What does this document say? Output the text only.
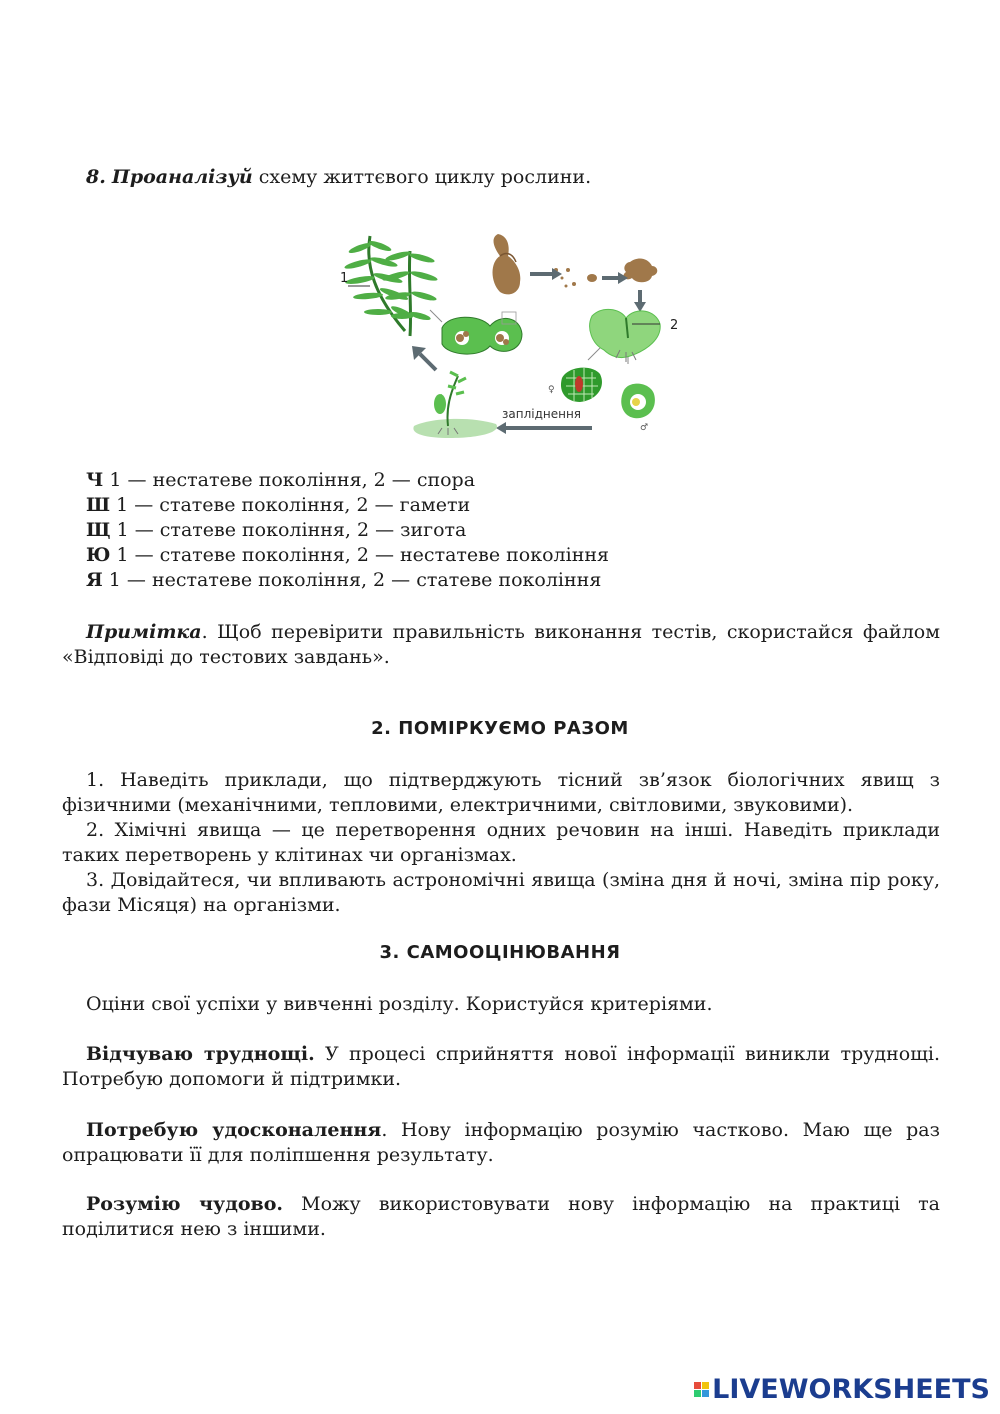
8. Проаналізуй схему життєвого циклу рослини.
1
2
♀
♂
запліднення
Ч 1 — нестатеве покоління, 2 — спора
Ш 1 — статеве покоління, 2 — гамети
Щ 1 — статеве покоління, 2 — зигота
Ю 1 — статеве покоління, 2 — нестатеве покоління
Я 1 — нестатеве покоління, 2 — статеве покоління
Примітка. Щоб перевірити правильність виконання тестів, скористайся файлом «Відповіді до тестових завдань».
2. ПОМІРКУЄМО РАЗОМ
1. Наведіть приклади, що підтверджують тісний зв’язок біологічних явищ з фізичними (механічними, тепловими, електричними, світловими, звуковими).
2. Хімічні явища — це перетворення одних речовин на інші. Наведіть приклади таких перетворень у клітинах чи організмах.
3. Довідайтеся, чи впливають астрономічні явища (зміна дня й ночі, зміна пір року, фази Місяця) на організми.
3. САМООЦІНЮВАННЯ
Оціни свої успіхи у вивченні розділу. Користуйся критеріями.
Відчуваю труднощі. У процесі сприйняття нової інформації виникли труднощі. Потребую допомоги й підтримки.
Потребую удосконалення. Нову інформацію розумію частково. Маю ще раз опрацювати її для поліпшення результату.
Розумію чудово. Можу використовувати нову інформацію на практиці та поділитися нею з іншими.
LIVEWORKSHEETS
